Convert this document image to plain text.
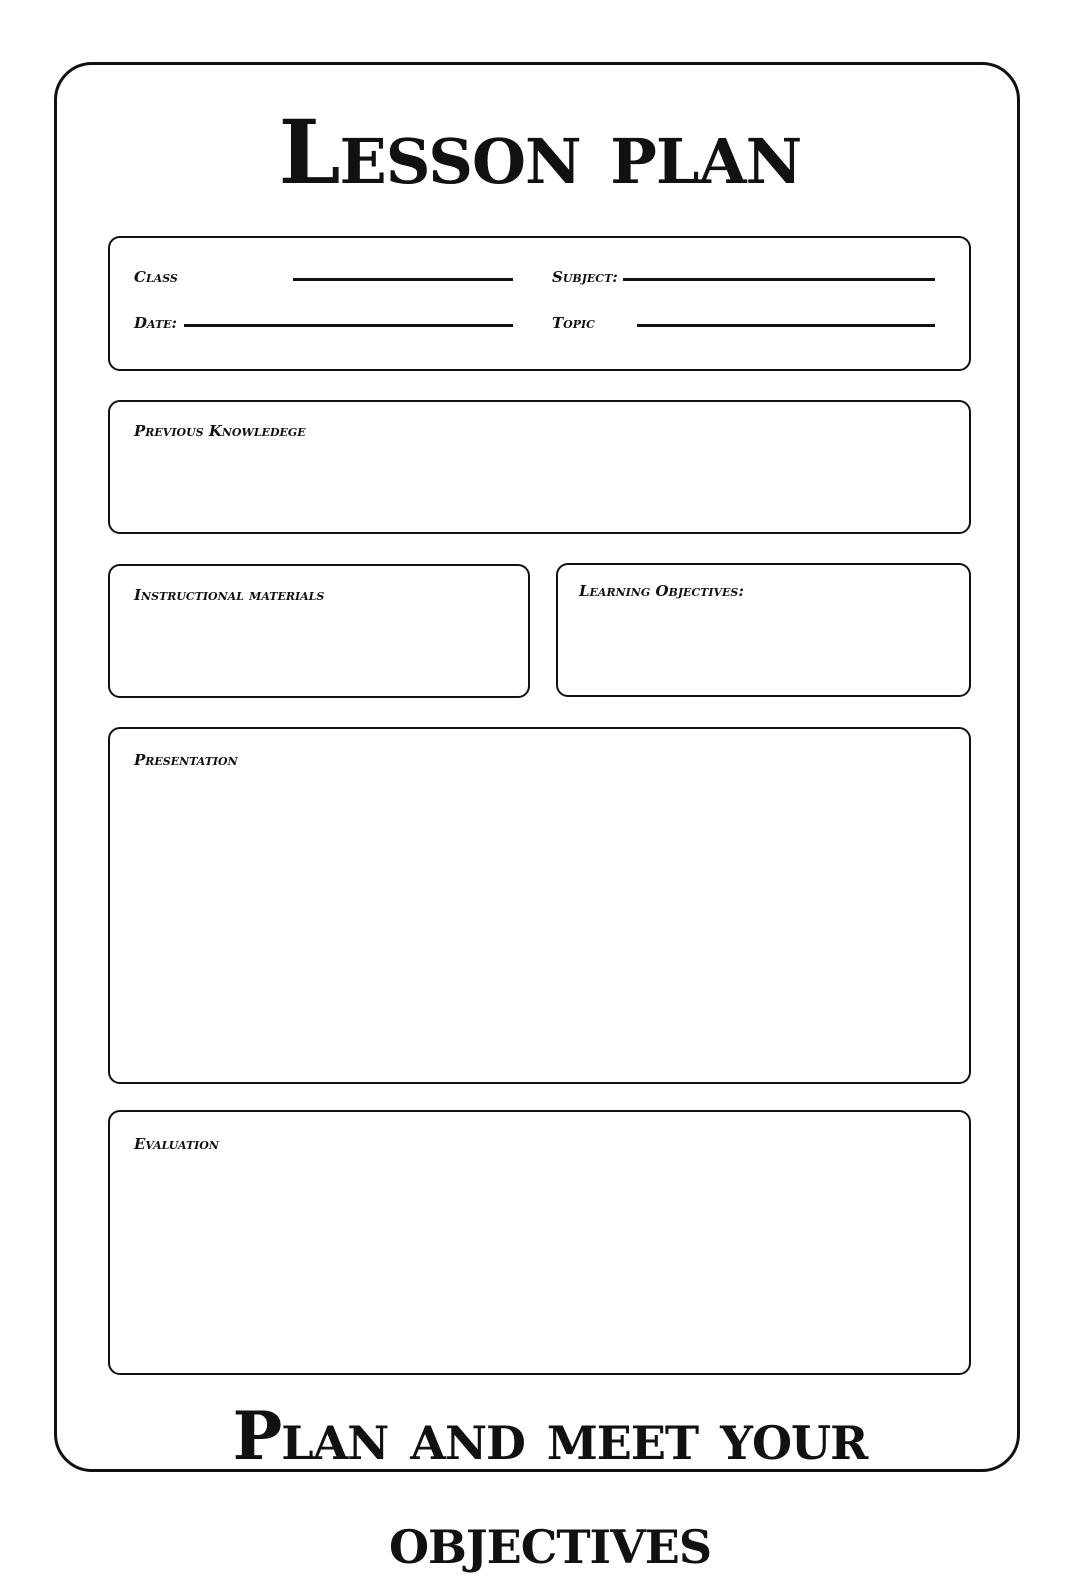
Lesson plan
Class	Subject:
Date:	Topic
Previous Knowledege
Instructional materials	Learning Objectives:
Presentation
Evaluation
Plan and meet your
objectives
